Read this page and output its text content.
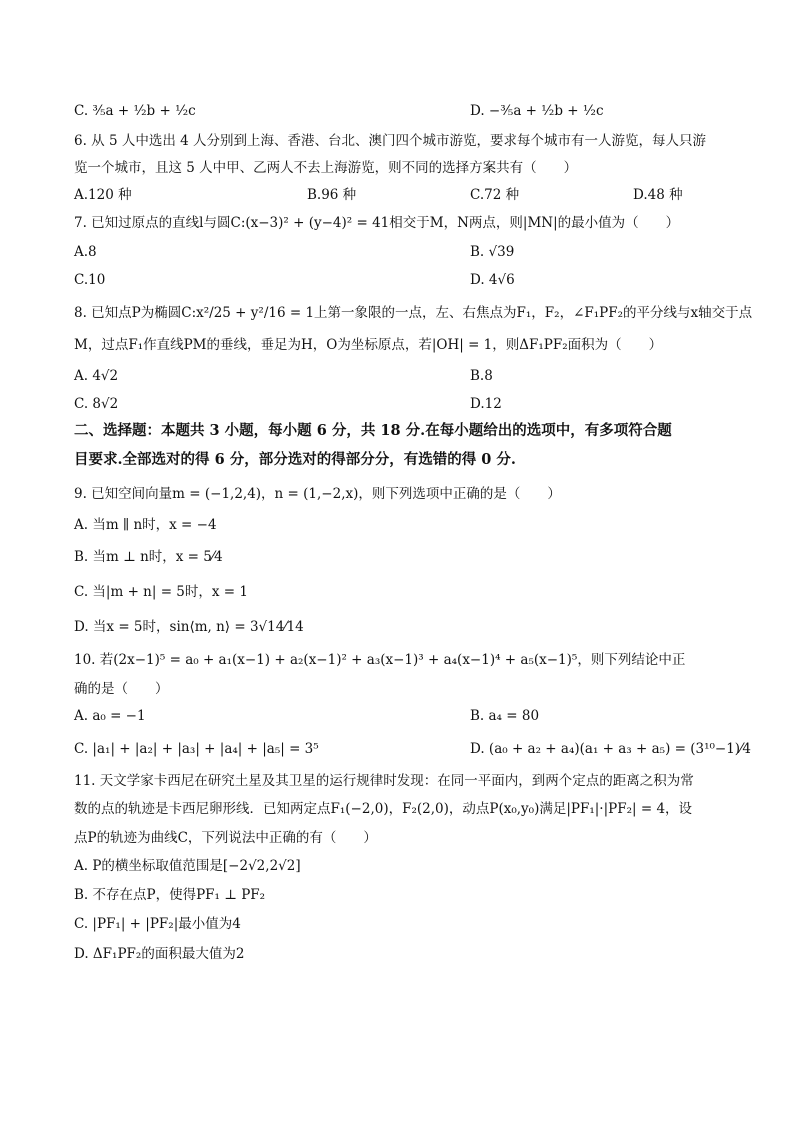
C. ³⁄₅a + ¹⁄₂b + ¹⁄₂c	D. −³⁄₅a + ¹⁄₂b + ¹⁄₂c
6. 从 5 人中选出 4 人分别到上海、香港、台北、澳门四个城市游览，要求每个城市有一人游览，每人只游
览一个城市，且这 5 人中甲、乙两人不去上海游览，则不同的选择方案共有（　　）
A.120 种	B.96 种	C.72 种	D.48 种
7. 已知过原点的直线l与圆C:(x−3)² + (y−4)² = 41相交于M，N两点，则|MN|的最小值为（　　）
A.8	B. √39
C.10	D. 4√6
8. 已知点P为椭圆C:x²/25 + y²/16 = 1上第一象限的一点，左、右焦点为F₁，F₂，∠F₁PF₂的平分线与x轴交于点
M，过点F₁作直线PM的垂线，垂足为H，O为坐标原点，若|OH| = 1，则ΔF₁PF₂面积为（　　）
A. 4√2	B.8
C. 8√2	D.12
二、选择题：本题共 3 小题，每小题 6 分，共 18 分.在每小题给出的选项中，有多项符合题
目要求.全部选对的得 6 分，部分选对的得部分分，有选错的得 0 分.
9. 已知空间向量m = (−1,2,4)，n = (1,−2,x)，则下列选项中正确的是（　　）
A. 当m ∥ n时，x = −4
B. 当m ⊥ n时，x = 5⁄4
C. 当|m + n| = 5时，x = 1
D. 当x = 5时，sin⟨m, n⟩ = 3√14⁄14
10. 若(2x−1)⁵ = a₀ + a₁(x−1) + a₂(x−1)² + a₃(x−1)³ + a₄(x−1)⁴ + a₅(x−1)⁵，则下列结论中正
确的是（　　）
A. a₀ = −1	B. a₄ = 80
C. |a₁| + |a₂| + |a₃| + |a₄| + |a₅| = 3⁵	D. (a₀ + a₂ + a₄)(a₁ + a₃ + a₅) = (3¹⁰−1)⁄4
11. 天文学家卡西尼在研究土星及其卫星的运行规律时发现：在同一平面内，到两个定点的距离之积为常
数的点的轨迹是卡西尼卵形线．已知两定点F₁(−2,0)，F₂(2,0)，动点P(x₀,y₀)满足|PF₁|·|PF₂| = 4，设
点P的轨迹为曲线C，下列说法中正确的有（　　）
A. P的横坐标取值范围是[−2√2,2√2]
B. 不存在点P，使得PF₁ ⊥ PF₂
C. |PF₁| + |PF₂|最小值为4
D. ΔF₁PF₂的面积最大值为2
